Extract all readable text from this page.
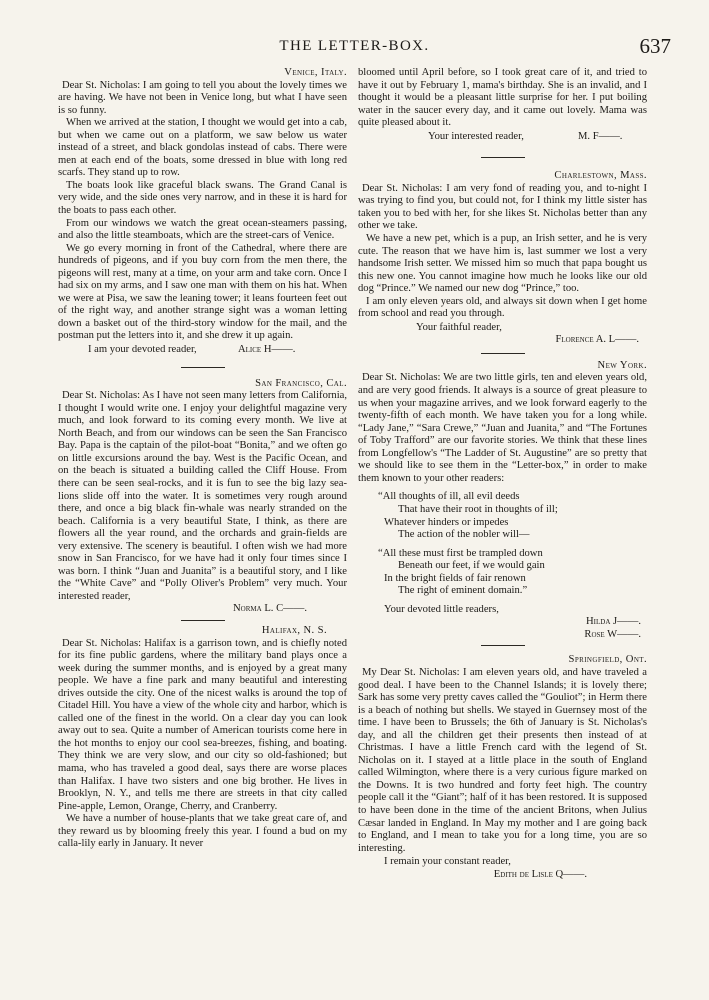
THE LETTER-BOX.	637
Venice, Italy.

Dear St. Nicholas: I am going to tell you about the lovely times we are having. We have not been in Venice long, but what I have seen is so funny.

When we arrived at the station, I thought we would get into a cab, but when we came out on a platform, we saw below us water instead of a street, and black gondolas instead of cabs. There were men at each end of the boats, some dressed in blue with long red scarfs. They stand up to row.

The boats look like graceful black swans. The Grand Canal is very wide, and the side ones very narrow, and in these it is hard for the boats to pass each other.

From our windows we watch the great ocean-steamers passing, and also the little steamboats, which are the street-cars of Venice.

We go every morning in front of the Cathedral, where there are hundreds of pigeons, and if you buy corn from the men there, the pigeons will rest, many at a time, on your arm and take corn. Once I had six on my arms, and I saw one man with them on his hat. When we were at Pisa, we saw the leaning tower; it leans fourteen feet out of the right way, and another strange sight was a woman letting down a basket out of the third-story window for the mail, and the postman put the letters into it, and she drew it up again.

I am your devoted reader,	Alice H——.
San Francisco, Cal.

Dear St. Nicholas: As I have not seen many letters from California, I thought I would write one. I enjoy your delightful magazine very much, and look forward to its coming every month. We live at North Beach, and from our windows can be seen the San Francisco Bay. Papa is the captain of the pilot-boat “Bonita,” and we often go on little excursions around the bay. West is the Pacific Ocean, and on the beach is situated a building called the Cliff House. From there can be seen seal-rocks, and it is fun to see the big lazy sea-lions slide off into the water. It is sometimes very rough around there, and once a big black fin-whale was nearly stranded on the beach. California is a very beautiful State, I think, as there are flowers all the year round, and the orchards and grain-fields are very extensive. The scenery is beautiful. I often wish we had more snow in San Francisco, for we have had it only four times since I was born. I think “Juan and Juanita” is a beautiful story, and I like the “White Cave” and “Polly Oliver's Problem” very much. Your interested reader,

Norma L. C——.
Halifax, N. S.

Dear St. Nicholas: Halifax is a garrison town, and is chiefly noted for its fine public gardens, where the military band plays once a week during the summer months, and is enjoyed by a great many people. We have a fine park and many beautiful and interesting drives outside the city. One of the nicest walks is around the top of Citadel Hill. You have a view of the whole city and harbor, which is called one of the finest in the world. On a clear day you can look away out to sea. Quite a number of American tourists come here in the hot months to enjoy our cool sea-breezes, fishing, and boating. They think we are very slow, and our city so old-fashioned; but mama, who has traveled a good deal, says there are worse places than Halifax. I have two sisters and one big brother. He lives in Brooklyn, N. Y., and tells me there are streets in that city called Pine-apple, Lemon, Orange, Cherry, and Cranberry.

We have a number of house-plants that we take great care of, and they reward us by blooming freely this year. I found a bud on my calla-lily early in January. It never

bloomed until April before, so I took great care of it, and tried to have it out by February 1, mama's birthday. She is an invalid, and I thought it would be a pleasant little surprise for her. I put boiling water in the saucer every day, and it came out lovely. Mama was quite pleased about it.

Your interested reader,	M. F——.
Charlestown, Mass.

Dear St. Nicholas: I am very fond of reading you, and to-night I was trying to find you, but could not, for I think my little sister has taken you to bed with her, for she likes St. Nicholas better than any other we take.

We have a new pet, which is a pup, an Irish setter, and he is very cute. The reason that we have him is, last summer we lost a very handsome Irish setter. We missed him so much that papa bought us this new one. You cannot imagine how much he looks like our old dog “Prince.” We named our new dog “Prince,” too.

I am only eleven years old, and always sit down when I get home from school and read you through.

Your faithful reader,
Florence A. L——.
New York.

Dear St. Nicholas: We are two little girls, ten and eleven years old, and are very good friends. It always is a source of great pleasure to us when your magazine arrives, and we look forward eagerly to the twenty-fifth of each month. We have taken you for a long while. “Lady Jane,” “Sara Crewe,” “Juan and Juanita,” and “The Fortunes of Toby Trafford” are our favorite stories. We think that these lines from Longfellow's “The Ladder of St. Augustine” are so pretty that we should like to see them in the “Letter-box,” in order to make them known to your other readers:

“All thoughts of ill, all evil deeds
That have their root in thoughts of ill;
Whatever hinders or impedes
The action of the nobler will—
“All these must first be trampled down
Beneath our feet, if we would gain
In the bright fields of fair renown
The right of eminent domain.”
Your devoted little readers,
Hilda J——.
Rose W——.
Springfield, Ont.

My Dear St. Nicholas: I am eleven years old, and have traveled a good deal. I have been to the Channel Islands; it is lovely there; Sark has some very pretty caves called the “Gouliot”; in Herm there is a beach of nothing but shells. We stayed in Guernsey most of the time. I have been to Brussels; the 6th of January is St. Nicholas's day, and all the children get their presents then instead of at Christmas. I have a little French card with the legend of St. Nicholas on it. I stayed at a little place in the south of England called Wilmington, where there is a very curious figure marked on the Downs. It is two hundred and forty feet high. The country people call it the “Giant”; half of it has been restored. It is supposed to have been done in the time of the ancient Britons, when Julius Cæsar landed in England. In May my mother and I are going back to England, and I mean to take you for a long time, you are so interesting.

I remain your constant reader,
Edith de Lisle Q——.
